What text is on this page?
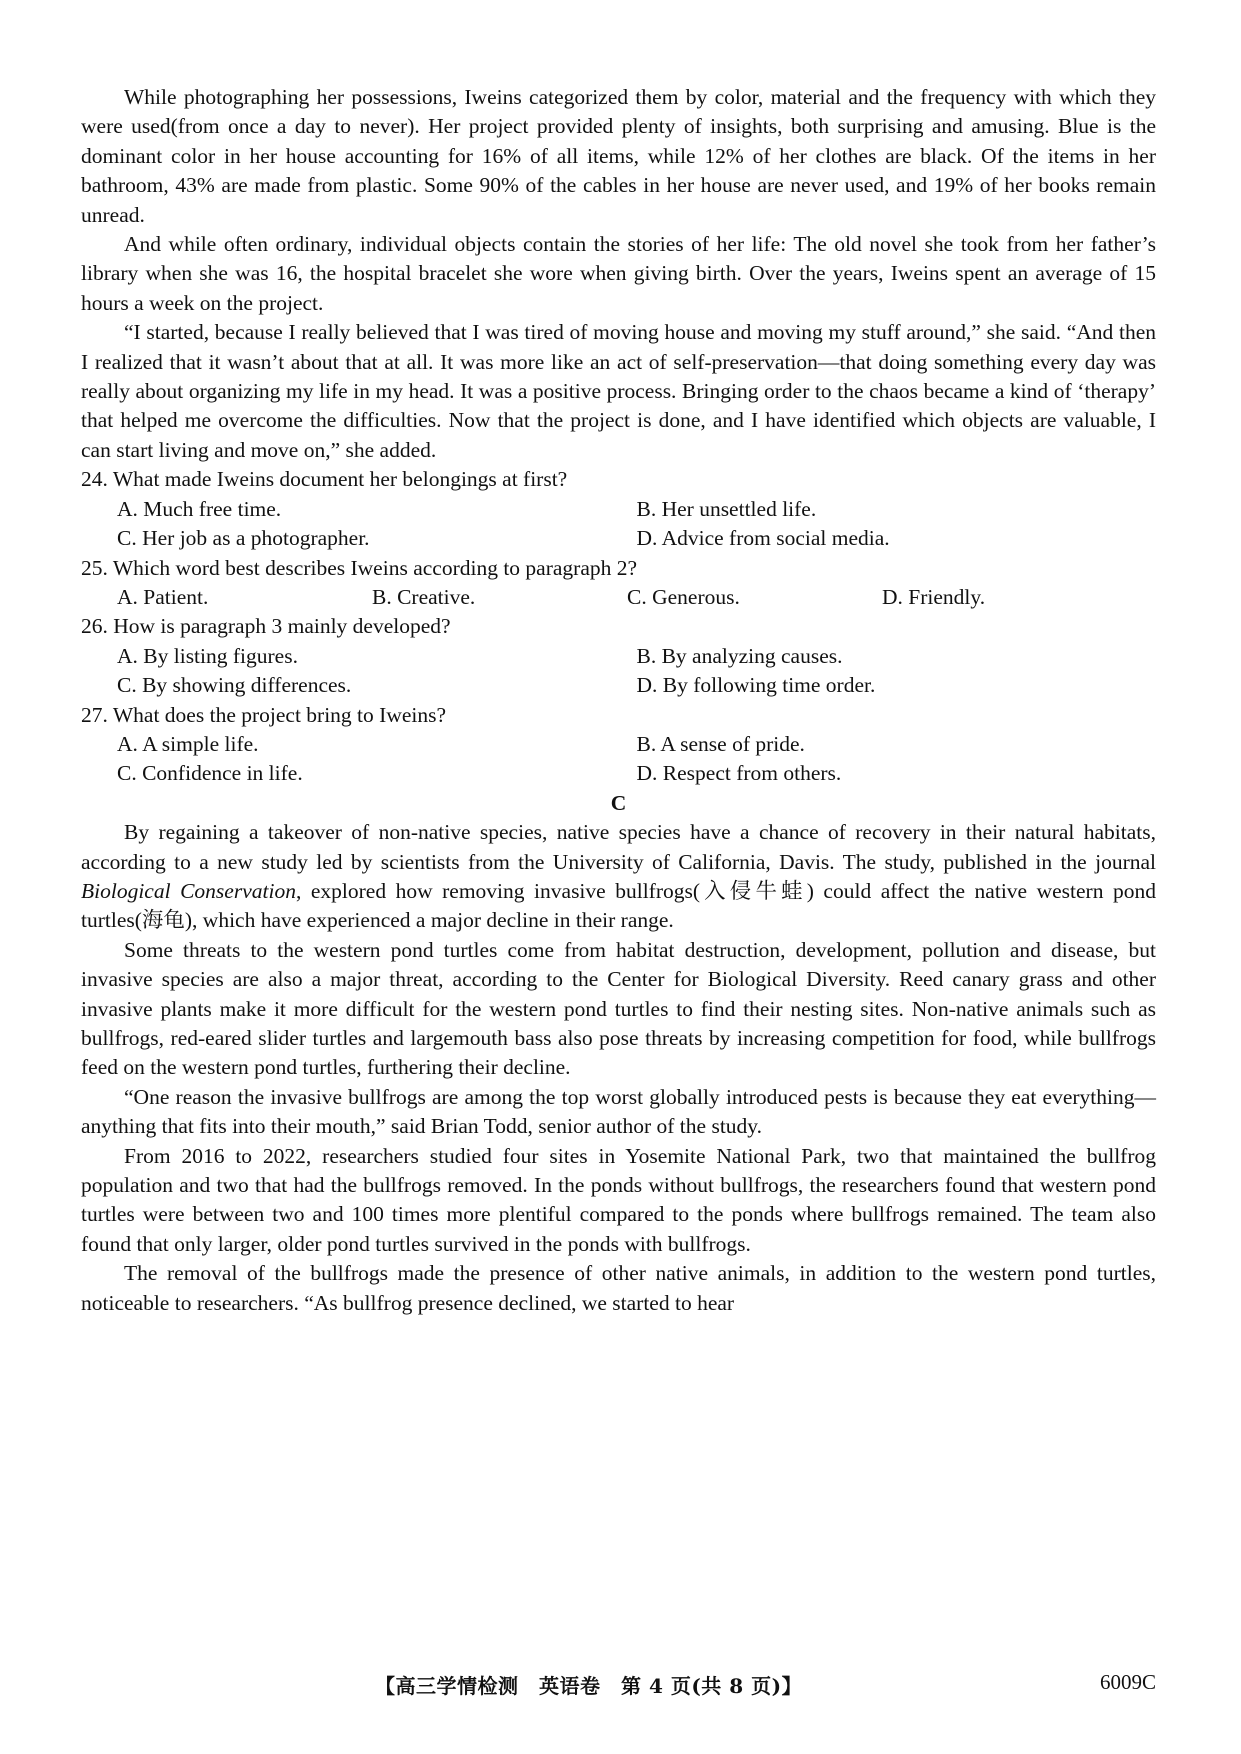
While photographing her possessions, Iweins categorized them by color, material and the frequency with which they were used(from once a day to never). Her project provided plenty of insights, both surprising and amusing. Blue is the dominant color in her house accounting for 16% of all items, while 12% of her clothes are black. Of the items in her bathroom, 43% are made from plastic. Some 90% of the cables in her house are never used, and 19% of her books remain unread.

And while often ordinary, individual objects contain the stories of her life: The old novel she took from her father’s library when she was 16, the hospital bracelet she wore when giving birth. Over the years, Iweins spent an average of 15 hours a week on the project.

“I started, because I really believed that I was tired of moving house and moving my stuff around,” she said. “And then I realized that it wasn’t about that at all. It was more like an act of self-preservation—that doing something every day was really about organizing my life in my head. It was a positive process. Bringing order to the chaos became a kind of ‘therapy’ that helped me overcome the difficulties. Now that the project is done, and I have identified which objects are valuable, I can start living and move on,” she added.

24. What made Iweins document her belongings at first?

A. Much free time.	B. Her unsettled life.
C. Her job as a photographer.	D. Advice from social media.

25. Which word best describes Iweins according to paragraph 2?

A. Patient.	B. Creative.	C. Generous.	D. Friendly.

26. How is paragraph 3 mainly developed?

A. By listing figures.	B. By analyzing causes.
C. By showing differences.	D. By following time order.

27. What does the project bring to Iweins?

A. A simple life.	B. A sense of pride.
C. Confidence in life.	D. Respect from others.

C

By regaining a takeover of non-native species, native species have a chance of recovery in their natural habitats, according to a new study led by scientists from the University of California, Davis. The study, published in the journal Biological Conservation, explored how removing invasive bullfrogs(入侵牛蛙) could affect the native western pond turtles(海龟), which have experienced a major decline in their range.

Some threats to the western pond turtles come from habitat destruction, development, pollution and disease, but invasive species are also a major threat, according to the Center for Biological Diversity. Reed canary grass and other invasive plants make it more difficult for the western pond turtles to find their nesting sites. Non-native animals such as bullfrogs, red-eared slider turtles and largemouth bass also pose threats by increasing competition for food, while bullfrogs feed on the western pond turtles, furthering their decline.

“One reason the invasive bullfrogs are among the top worst globally introduced pests is because they eat everything—anything that fits into their mouth,” said Brian Todd, senior author of the study.

From 2016 to 2022, researchers studied four sites in Yosemite National Park, two that maintained the bullfrog population and two that had the bullfrogs removed. In the ponds without bullfrogs, the researchers found that western pond turtles were between two and 100 times more plentiful compared to the ponds where bullfrogs remained. The team also found that only larger, older pond turtles survived in the ponds with bullfrogs.

The removal of the bullfrogs made the presence of other native animals, in addition to the western pond turtles, noticeable to researchers. “As bullfrog presence declined, we started to hear

【高三学情检测　英语卷　第 4 页(共 8 页)】	6009C
